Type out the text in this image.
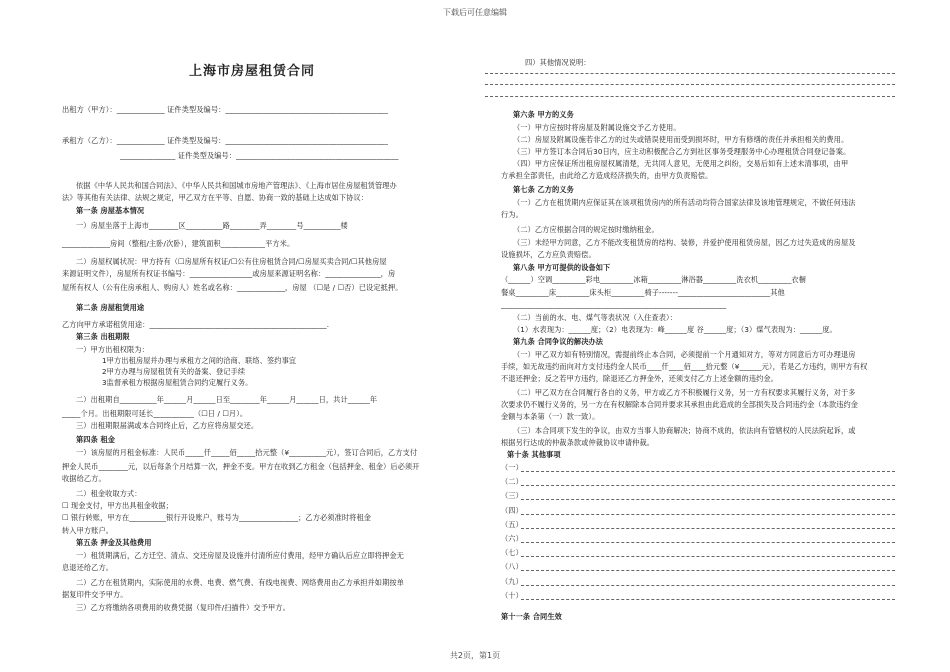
下载后可任意编辑
上海市房屋租赁合同
出租方（甲方）：_____________ 证件类型及编号：____________________________________________
承租方（乙方）：_____________ 证件类型及编号：____________________________________________
_______________ 证件类型及编号：____________________________________________
依据《中华人民共和国合同法》、《中华人民共和国城市房地产管理法》、《上海市居住房屋租赁管理办
法》等其他有关法律、法规之规定，甲乙双方在平等、自愿、协商一致的基础上达成如下协议：
第一条 房屋基本情况
一）房屋坐落于上海市________区__________路________弄________号__________楼
_____________房间（整租/主卧/次卧），建筑面积____________平方米。
二）房屋权属状况：甲方持有（☐房屋所有权证/☐公有住房租赁合同/☐房屋买卖合同/☐其他房屋
来源证明文件），房屋所有权证书编号：_________________或房屋来源证明名称：_______________，房
屋所有权人（公有住房承租人、购房人）姓名或名称：_____________，房屋 （☐是 / ☐否）已设定抵押。
第二条 房屋租赁用途
乙方向甲方承诺租赁用途：________________________________________________.
第三条 出租期限
一）甲方出租权限为：
1甲方出租房屋并办理与承租方之间的洽商、联络、签约事宜
2甲方办理与房屋租赁有关的备案、登记手续
3监督承租方根据房屋租赁合同约定履行义务。
二）出租期自__________年______月______日至________年______月______日，共计______年
_____个月。出租期限可延长___________（☐日 / ☐月）。
三）出租期限届满或本合同终止后，乙方应将房屋交还。
第四条 租金
一）该房屋的月租金标准：人民币_____仟_____佰_____拾元整（¥__________元），签订合同后，乙方支付
押金人民币________元，以后每条个月结算一次，押金不变。甲方在收到乙方租金（包括押金、租金）后必须开
收据给乙方。
二）租金收取方式：
☐ 现金支付，甲方出具租金收据；
☐ 银行转账，甲方在__________银行开设账户，账号为________________；乙方必须准时将租金
转入甲方账户。
第五条 押金及其他费用
一）租赁期满后，乙方迁空、清点、交还房屋及设施并付清所应付费用，经甲方确认后应立即将押金无
息退还给乙方。
二）乙方在租赁期内，实际使用的水费、电费、燃气费、有线电视费、网络费用由乙方承担并如期按单
据复印件交予甲方。
三）乙方将缴纳各项费用的收费凭据（复印件/扫描件）交予甲方。
四）其他情况说明：
第六条 甲方的义务
（一）甲方应按时将房屋及附属设施交予乙方使用。
（二）房屋及附属设施若非乙方的过失或错误使用而受到损坏时，甲方有修缮的责任并承担相关的费用。
（三）甲方签订本合同后30日内，应主动积极配合乙方到社区事务受理服务中心办理租赁合同登记备案。
（四）甲方应保证所出租房屋权属清楚，无共同人意见，无使用之纠纷，交易后如有上述未清事项，由甲
方承担全部责任，由此给乙方造成经济损失的，由甲方负责赔偿。
第七条 乙方的义务
（一）乙方在租赁期内应保证其在该项租赁房内的所有活动均符合国家法律及该地管理规定，不做任何违法
行为。
（二）乙方应根据合同的规定按时缴纳租金。
（三）未经甲方同意，乙方不能改变租赁房的结构、装修，并爱护使用租赁房屋，因乙方过失造成的房屋及
设施损坏，乙方应负责赔偿。
第八条 甲方可提供的设备如下
（______）空调_________彩电_________冰箱_________淋浴器_________洗衣机_________衣橱
餐桌_________床_________床头柜_________椅子-------_________________________其他
_____________________________________________________________
（二）当前的水、电、煤气等表状况（入住查表）：
（1）水表现为：______度；（2）电表现为：峰______度 谷______度；（3）煤气表现为：______度。
第九条 合同争议的解决办法
（一）甲乙双方如有特别情况，需提前终止本合同，必须提前一个月通知对方，等对方同意后方可办理退房
手续，如无故违约而向对方支付违约金人民币____仟____佰____拾元整（¥______元），若是乙方违约，则甲方有权
不退还押金；反之若甲方违约，除退还乙方押金外，还须支付乙方上述金额的违约金。
（二）甲乙双方在合同履行各自的义务，甲方或乙方不积极履行义务，另一方有权要求其履行义务，对于多
次要求仍不履行义务的，另一方在有权解除本合同并要求其承担由此造成的全部损失及合同违约金（本款违约金
金额与本条第（一）款一致）。
（三）本合同项下发生的争议，由双方当事人协商解决；协商不成的，依法向有管辖权的人民法院起诉，或
根据另行达成的仲裁条款或仲裁协议申请仲裁。
第十条 其他事项
第十一条 合同生效
（一）
（二）
（三）
（四）
（五）
（六）
（七）
（八）
（九）
（十）
共2页，第1页
